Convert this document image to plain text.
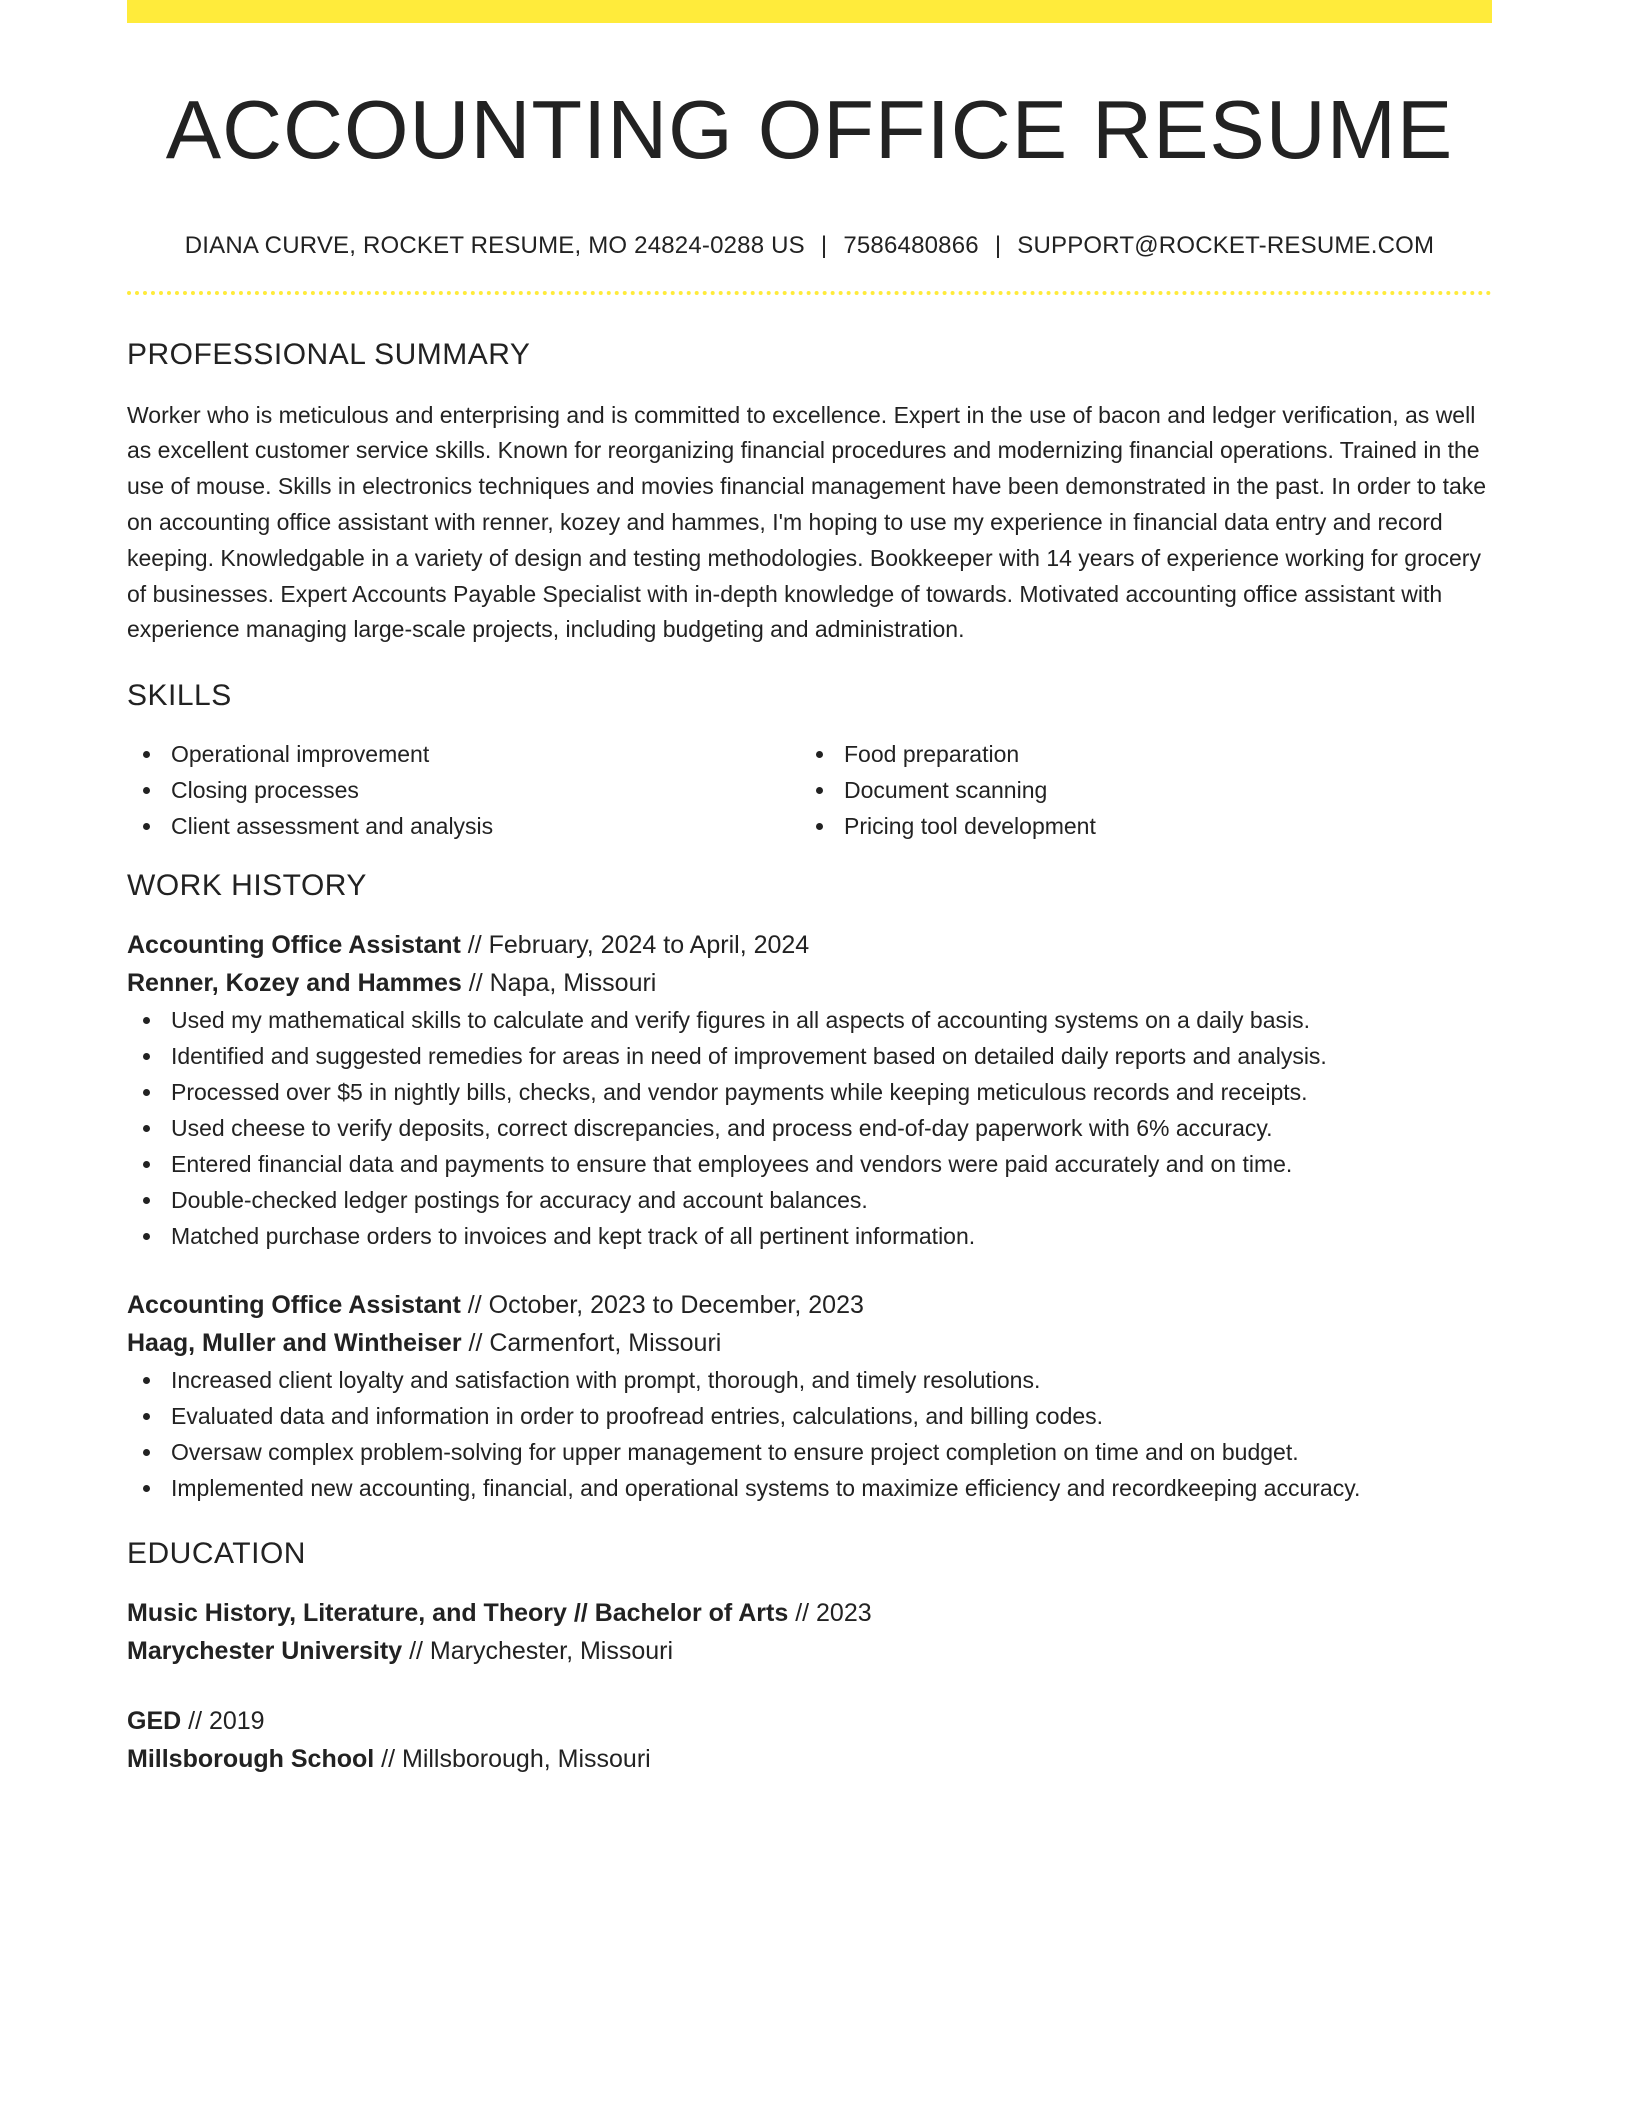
ACCOUNTING OFFICE RESUME
DIANA CURVE, ROCKET RESUME, MO 24824-0288 US | 7586480866 | SUPPORT@ROCKET-RESUME.COM
PROFESSIONAL SUMMARY

Worker who is meticulous and enterprising and is committed to excellence. Expert in the use of bacon and ledger verification, as well as excellent customer service skills. Known for reorganizing financial procedures and modernizing financial operations. Trained in the use of mouse. Skills in electronics techniques and movies financial management have been demonstrated in the past. In order to take on accounting office assistant with renner, kozey and hammes, I'm hoping to use my experience in financial data entry and record keeping. Knowledgable in a variety of design and testing methodologies. Bookkeeper with 14 years of experience working for grocery of businesses. Expert Accounts Payable Specialist with in-depth knowledge of towards. Motivated accounting office assistant with experience managing large-scale projects, including budgeting and administration.

SKILLS
Operational improvement
Closing processes
Client assessment and analysis
Food preparation
Document scanning
Pricing tool development
WORK HISTORY
Accounting Office Assistant // February, 2024 to April, 2024
Renner, Kozey and Hammes // Napa, Missouri
Used my mathematical skills to calculate and verify figures in all aspects of accounting systems on a daily basis.
Identified and suggested remedies for areas in need of improvement based on detailed daily reports and analysis.
Processed over $5 in nightly bills, checks, and vendor payments while keeping meticulous records and receipts.
Used cheese to verify deposits, correct discrepancies, and process end-of-day paperwork with 6% accuracy.
Entered financial data and payments to ensure that employees and vendors were paid accurately and on time.
Double-checked ledger postings for accuracy and account balances.
Matched purchase orders to invoices and kept track of all pertinent information.
Accounting Office Assistant // October, 2023 to December, 2023
Haag, Muller and Wintheiser // Carmenfort, Missouri
Increased client loyalty and satisfaction with prompt, thorough, and timely resolutions.
Evaluated data and information in order to proofread entries, calculations, and billing codes.
Oversaw complex problem-solving for upper management to ensure project completion on time and on budget.
Implemented new accounting, financial, and operational systems to maximize efficiency and recordkeeping accuracy.
EDUCATION
Music History, Literature, and Theory // Bachelor of Arts // 2023
Marychester University // Marychester, Missouri
GED // 2019
Millsborough School // Millsborough, Missouri
